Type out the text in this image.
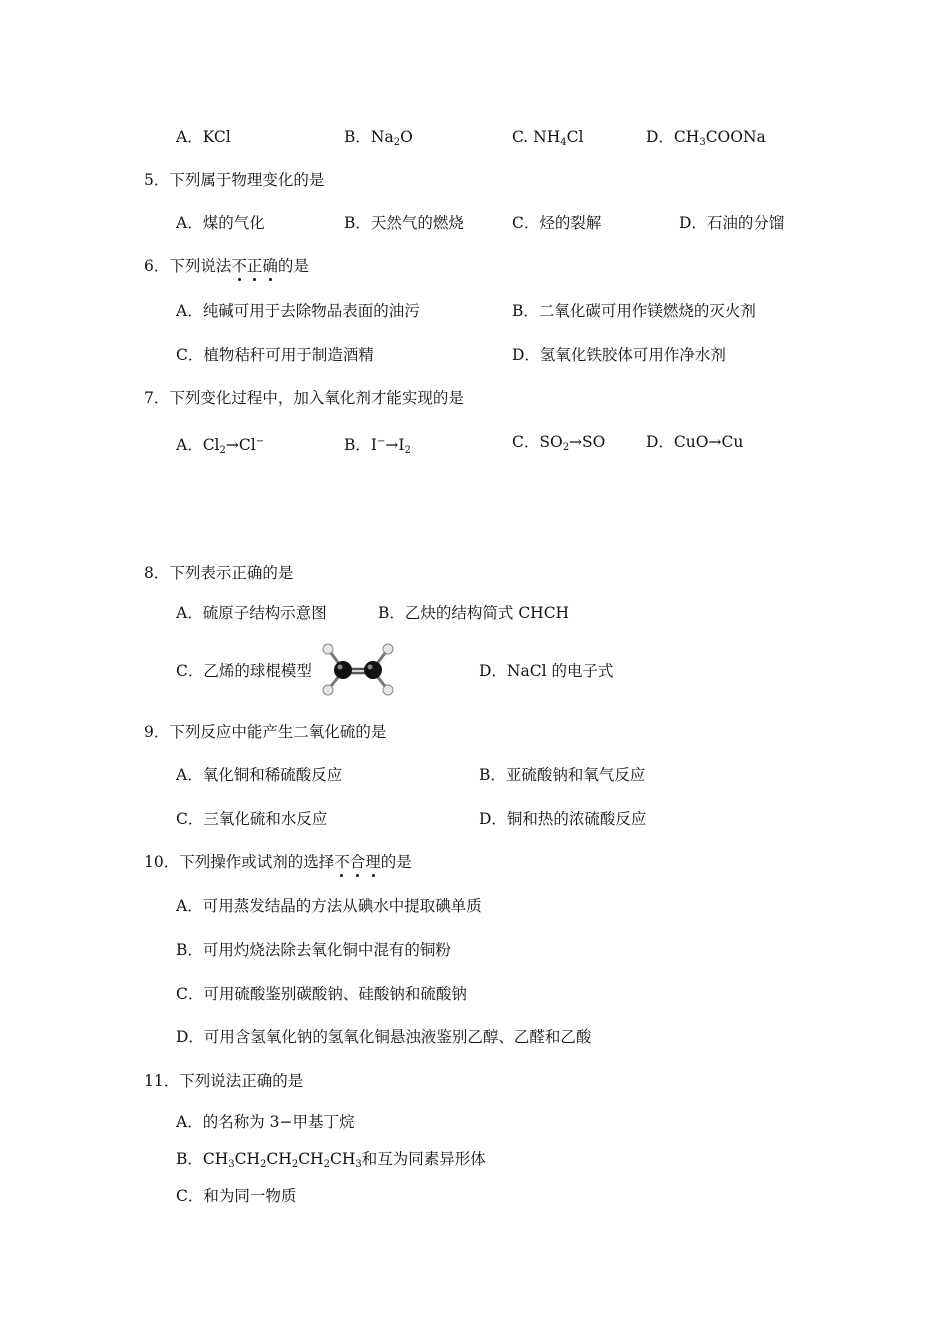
A．KCl	B．$Na_2O$	C. $NH_4Cl$	D．$CH_3COONa$
5．下列属于物理变化的是
A．煤的气化	B．天然气的燃烧	C．烃的裂解	D．石油的分馏
6．下列说法不正确的是
A．纯碱可用于去除物品表面的油污	B．二氧化碳可用作镁燃烧的灭火剂
C．植物秸秆可用于制造酒精	D．氢氧化铁胶体可用作净水剂
7．下列变化过程中，加入氧化剂才能实现的是
A．$Cl_2\to Cl^-$	B．$I^-\to I_2$	C．$SO_2\to SO$	D．CuO→Cu
8．下列表示正确的是
A．硫原子结构示意图	B．乙炔的结构简式 CHCH
C．乙烯的球棍模型	D．NaCl 的电子式
9．下列反应中能产生二氧化硫的是
A．氧化铜和稀硫酸反应	B．亚硫酸钠和氧气反应
C．三氧化硫和水反应	D．铜和热的浓硫酸反应
10．下列操作或试剂的选择不合理的是
A．可用蒸发结晶的方法从碘水中提取碘单质
B．可用灼烧法除去氧化铜中混有的铜粉
C．可用硫酸鉴别碳酸钠、硅酸钠和硫酸钠
D．可用含氢氧化钠的氢氧化铜悬浊液鉴别乙醇、乙醛和乙酸
11．下列说法正确的是
A．的名称为 3−甲基丁烷
B．$CH_3CH_2CH_2CH_2CH_3$和互为同素异形体
C．和为同一物质
